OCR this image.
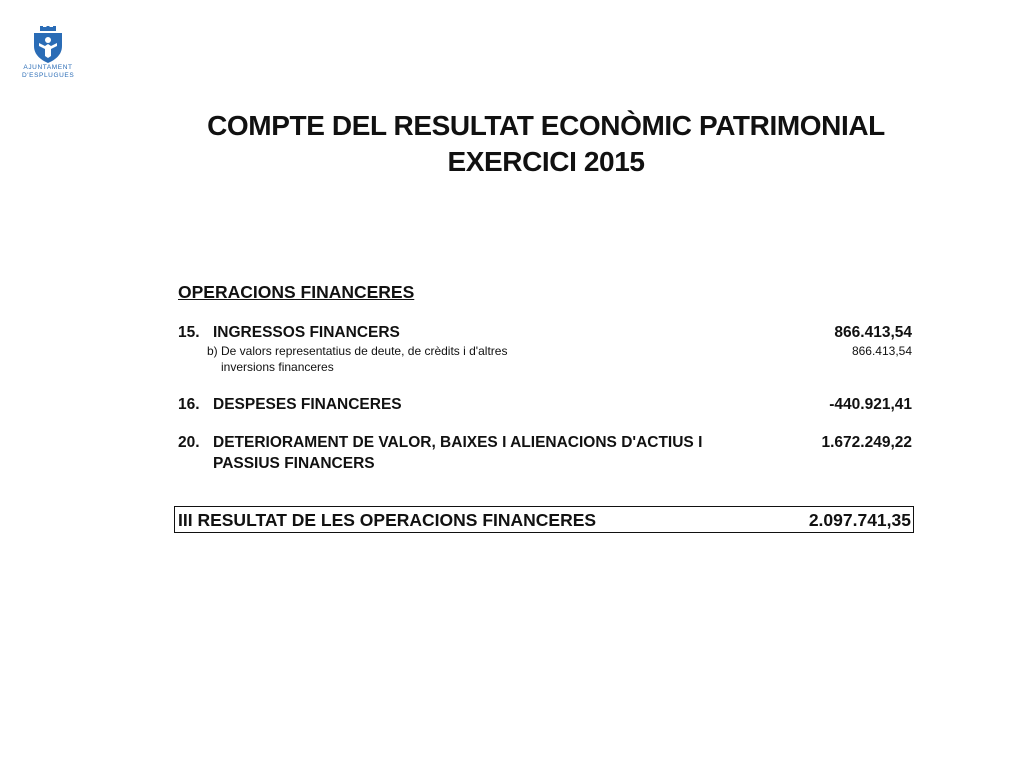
AJUNTAMENT
D'ESPLUGUES
COMPTE DEL RESULTAT ECONÒMIC PATRIMONIAL
EXERCICI 2015
OPERACIONS FINANCERES
15. INGRESSOS FINANCERS	866.413,54
b) De valors representatius de deute, de crèdits i d'altres
inversions financeres
866.413,54
16. DESPESES FINANCERES	-440.921,41
20. DETERIORAMENT DE VALOR, BAIXES I ALIENACIONS D'ACTIUS I
PASSIUS FINANCERS
1.672.249,22
III RESULTAT DE LES OPERACIONS FINANCERES	2.097.741,35
